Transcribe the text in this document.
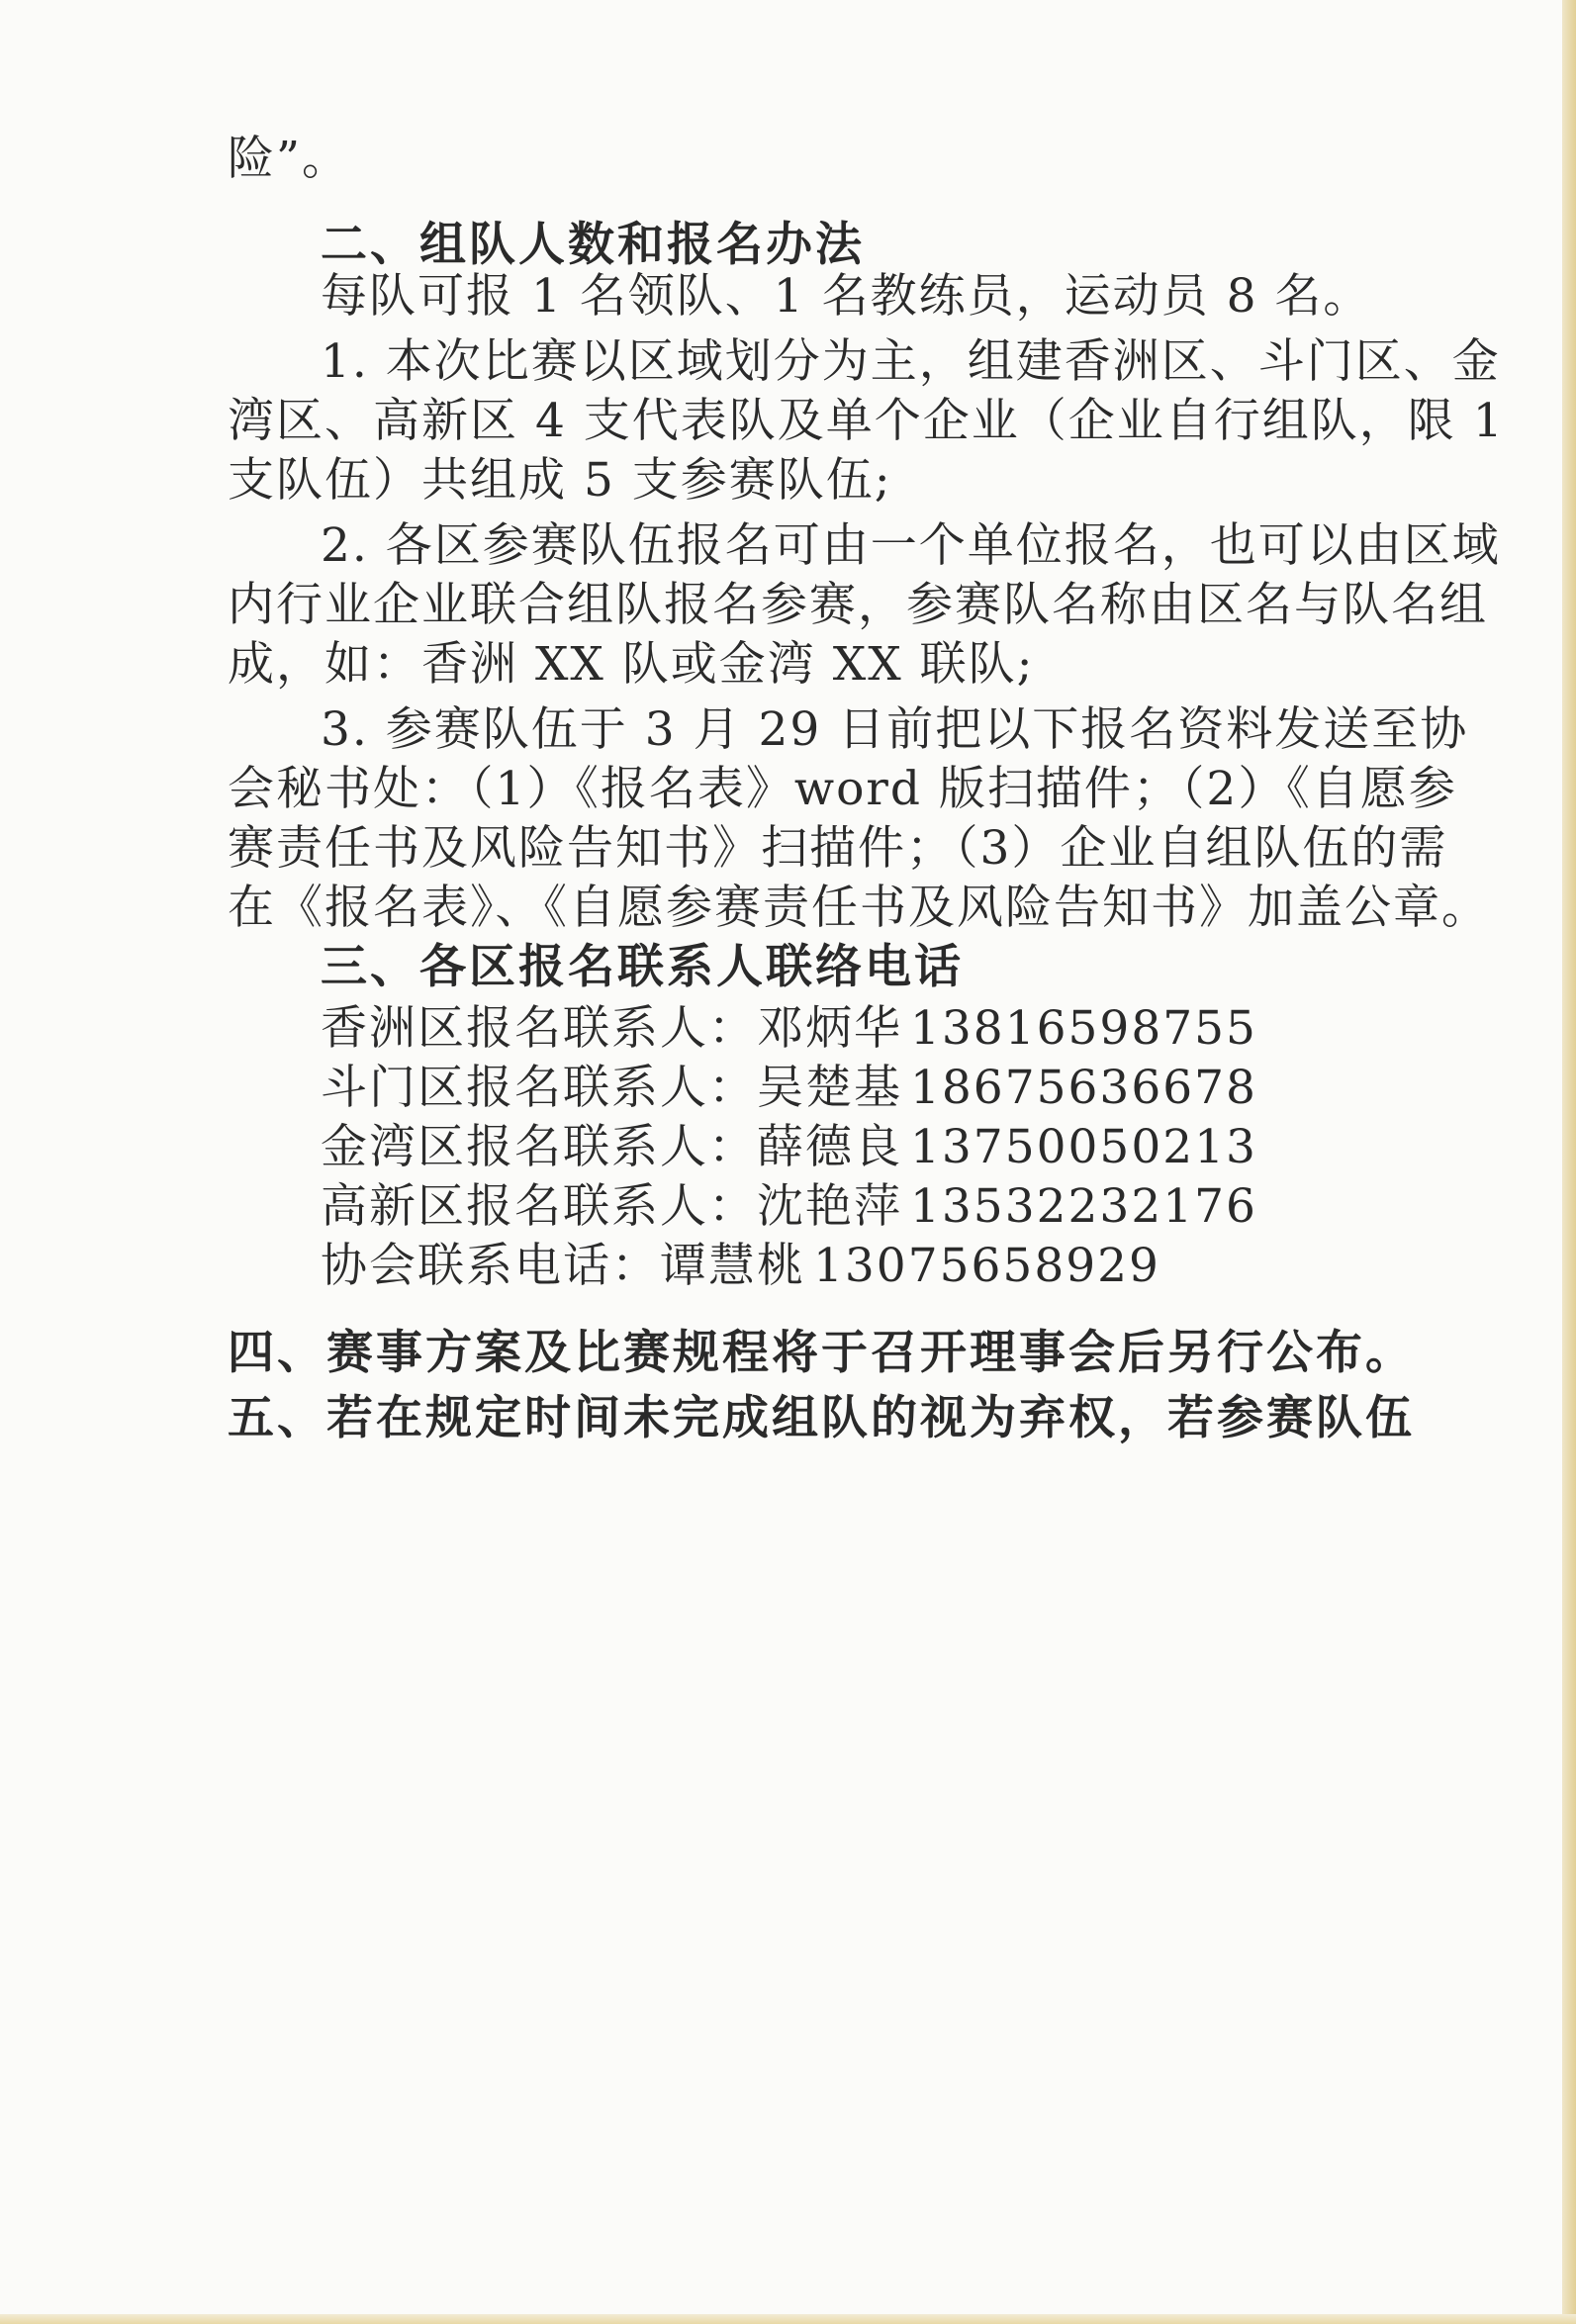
险”。
二、组队人数和报名办法
每队可报 1 名领队、1 名教练员，运动员 8 名。
1. 本次比赛以区域划分为主，组建香洲区、斗门区、金
湾区、高新区 4 支代表队及单个企业（企业自行组队，限 1
支队伍）共组成 5 支参赛队伍;
2. 各区参赛队伍报名可由一个单位报名，也可以由区域
内行业企业联合组队报名参赛，参赛队名称由区名与队名组
成，如：香洲 XX 队或金湾 XX 联队;
3. 参赛队伍于 3 月 29 日前把以下报名资料发送至协
会秘书处：（1）《报名表》word 版扫描件；（2）《自愿参
赛责任书及风险告知书》扫描件；（3）企业自组队伍的需
在《报名表》、《自愿参赛责任书及风险告知书》加盖公章。
三、各区报名联系人联络电话
香洲区报名联系人：邓炳华 13816598755
斗门区报名联系人：吴楚基 18675636678
金湾区报名联系人：薛德良 13750050213
高新区报名联系人：沈艳萍 13532232176
协会联系电话：谭慧桃 13075658929
四、赛事方案及比赛规程将于召开理事会后另行公布。
五、若在规定时间未完成组队的视为弃权，若参赛队伍
